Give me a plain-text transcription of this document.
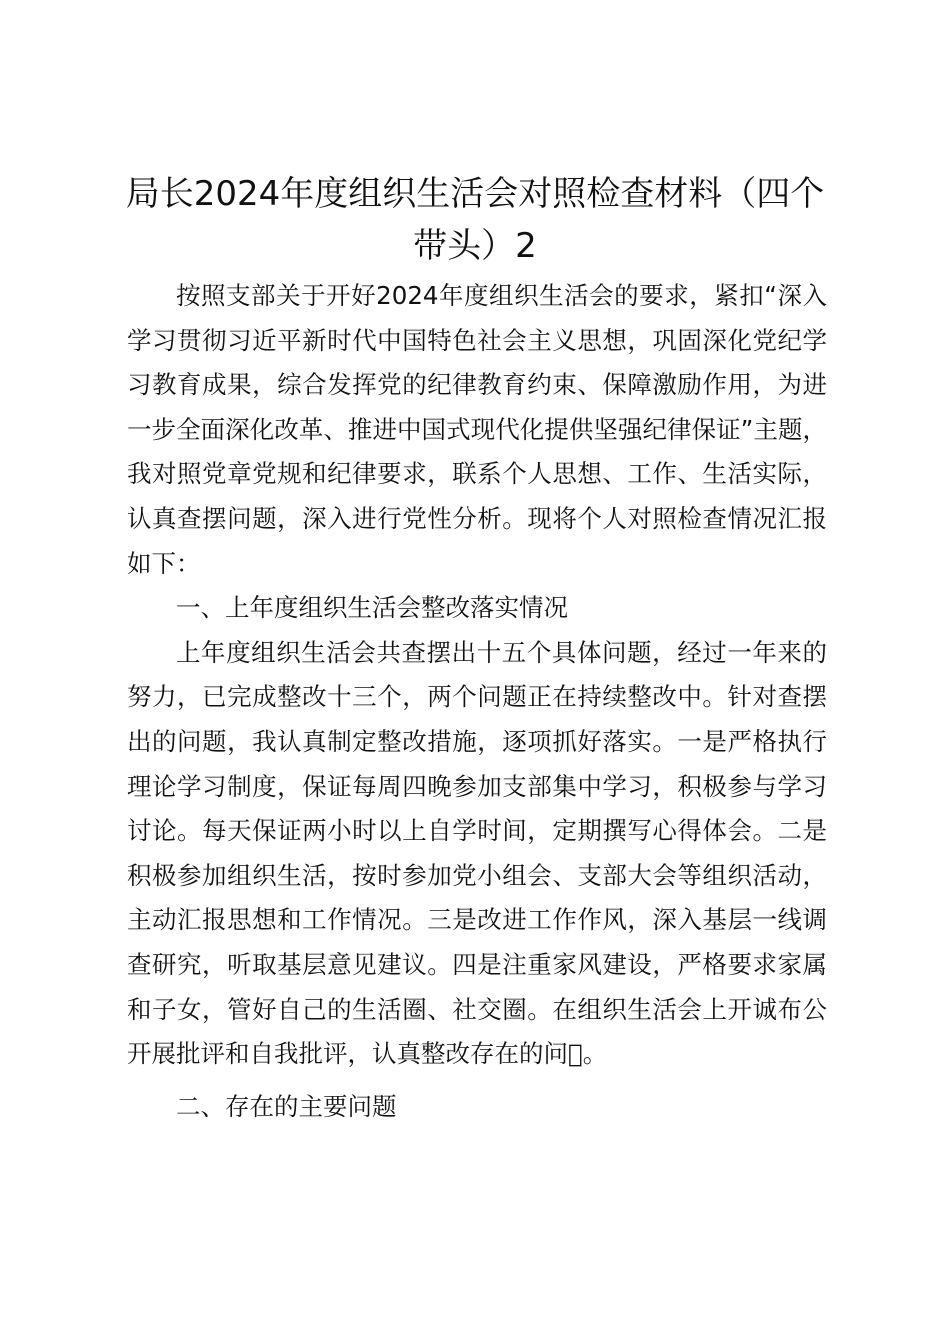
局长2024年度组织生活会对照检查材料（四个带头）2

按照支部关于开好2024年度组织生活会的要求，紧扣“深入学习贯彻习近平新时代中国特色社会主义思想，巩固深化党纪学习教育成果，综合发挥党的纪律教育约束、保障激励作用，为进一步全面深化改革、推进中国式现代化提供坚强纪律保证”主题，我对照党章党规和纪律要求，联系个人思想、工作、生活实际，认真查摆问题，深入进行党性分析。现将个人对照检查情况汇报如下：

一、上年度组织生活会整改落实情况

上年度组织生活会共查摆出十五个具体问题，经过一年来的努力，已完成整改十三个，两个问题正在持续整改中。针对查摆出的问题，我认真制定整改措施，逐项抓好落实。一是严格执行理论学习制度，保证每周四晚参加支部集中学习，积极参与学习讨论。每天保证两小时以上自学时间，定期撰写心得体会。二是积极参加组织生活，按时参加党小组会、支部大会等组织活动，主动汇报思想和工作情况。三是改进工作作风，深入基层一线调查研究，听取基层意见建议。四是注重家风建设，严格要求家属和子女，管好自己的生活圈、社交圈。在组织生活会上开诚布公开展批评和自我批评，认真整改存在的问􏰀。

二、存在的主要问题
